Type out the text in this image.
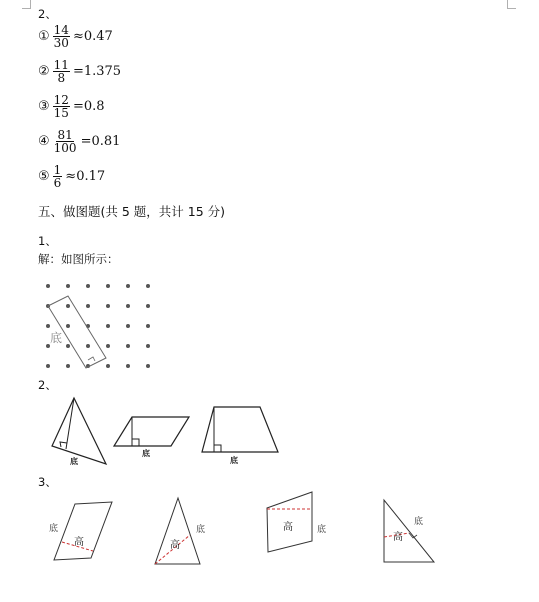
2、
① $\frac{14}{30} \approx 0.47$
② $\frac{11}{8} =1.375$
③ $\frac{12}{15} =0.8$
④ $\frac{81}{100} =0.81$
⑤ $\frac{1}{6} \approx 0.17$
五、做图题(共 5 题，共计 15 分)
1、
解：如图所示：
底
2、
底
底
底
3、
底
高
底
高
高	底
底
高
